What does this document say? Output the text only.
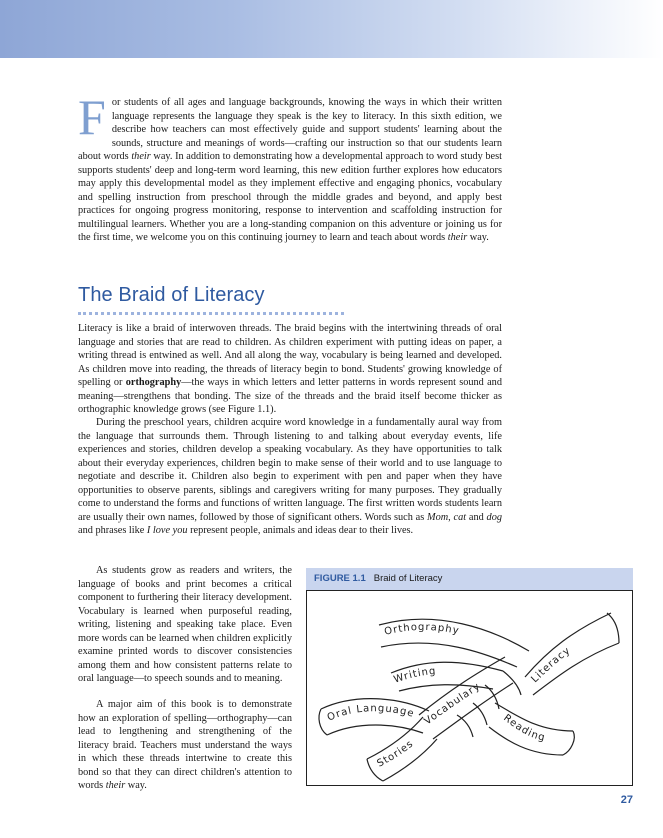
For students of all ages and language backgrounds, knowing the ways in which their written language represents the language they speak is the key to literacy. In this sixth edition, we describe how teachers can most effectively guide and support students' learning about the sounds, structure and meanings of words—crafting our instruction so that our students learn about words their way. In addition to demonstrating how a developmental approach to word study best supports students' deep and long-term word learning, this new edition further explores how educators may apply this developmental model as they implement effective and engaging phonics, vocabulary and spelling instruction from preschool through the middle grades and beyond, and apply best practices for ongoing progress monitoring, response to intervention and scaffolding instruction for multilingual learners. Whether you are a long-standing companion on this adventure or joining us for the first time, we welcome you on this continuing journey to learn and teach about words their way.

The Braid of Literacy

Literacy is like a braid of interwoven threads. The braid begins with the intertwining threads of oral language and stories that are read to children. As children experiment with putting ideas on paper, a writing thread is entwined as well. And all along the way, vocabulary is being learned and developed. As children move into reading, the threads of literacy begin to bond. Students' growing knowledge of spelling or orthography—the ways in which letters and letter patterns in words represent sound and meaning—strengthens that bonding. The size of the threads and the braid itself become thicker as orthographic knowledge grows (see Figure 1.1).

During the preschool years, children acquire word knowledge in a fundamentally aural way from the language that surrounds them. Through listening to and talking about everyday events, life experiences and stories, children develop a speaking vocabulary. As they have opportunities to talk about their everyday experiences, children begin to make sense of their world and to use language to negotiate and describe it. Children also begin to experiment with pen and paper when they have opportunities to observe parents, siblings and caregivers writing for many purposes. They gradually come to understand the forms and functions of written language. The first written words students learn are usually their own names, followed by those of significant others. Words such as Mom, cat and dog and phrases like I love you represent people, animals and ideas dear to their lives.

As students grow as readers and writers, the language of books and print becomes a critical component to furthering their literacy development. Vocabulary is learned when purposeful reading, writing, listening and speaking take place. Even more words can be learned when children explicitly examine printed words to discover consistencies among them and how consistent patterns relate to oral language—to speech sounds and to meaning.

A major aim of this book is to demonstrate how an exploration of spelling—orthography—can lead to lengthening and strengthening of the literacy braid. Teachers must understand the ways in which these threads intertwine to create this bond so that they can direct children's attention to words their way.

FIGURE 1.1 Braid of Literacy
Orthography
Writing
Literacy
Oral Language
Vocabulary
Reading
Stories

27
